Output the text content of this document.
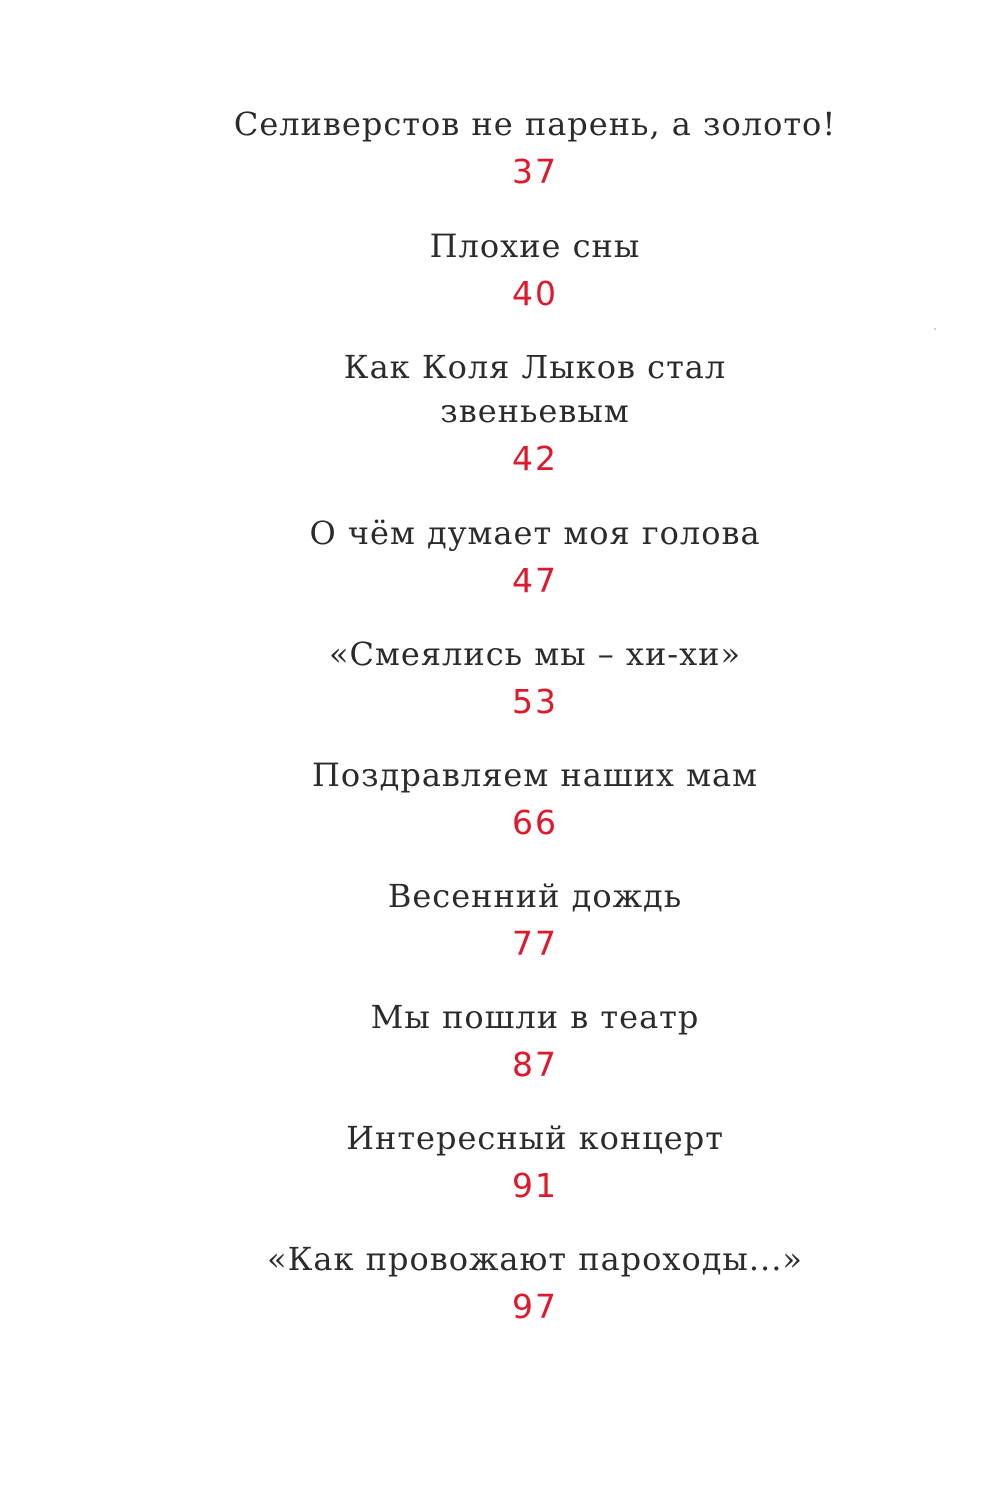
Селиверстов не парень, а золото!
37
Плохие сны
40
Как Коля Лыков стал
звеньевым
42
О чём думает моя голова
47
«Смеялись мы – хи-хи»
53
Поздравляем наших мам
66
Весенний дождь
77
Мы пошли в театр
87
Интересный концерт
91
«Как провожают пароходы...»
97
